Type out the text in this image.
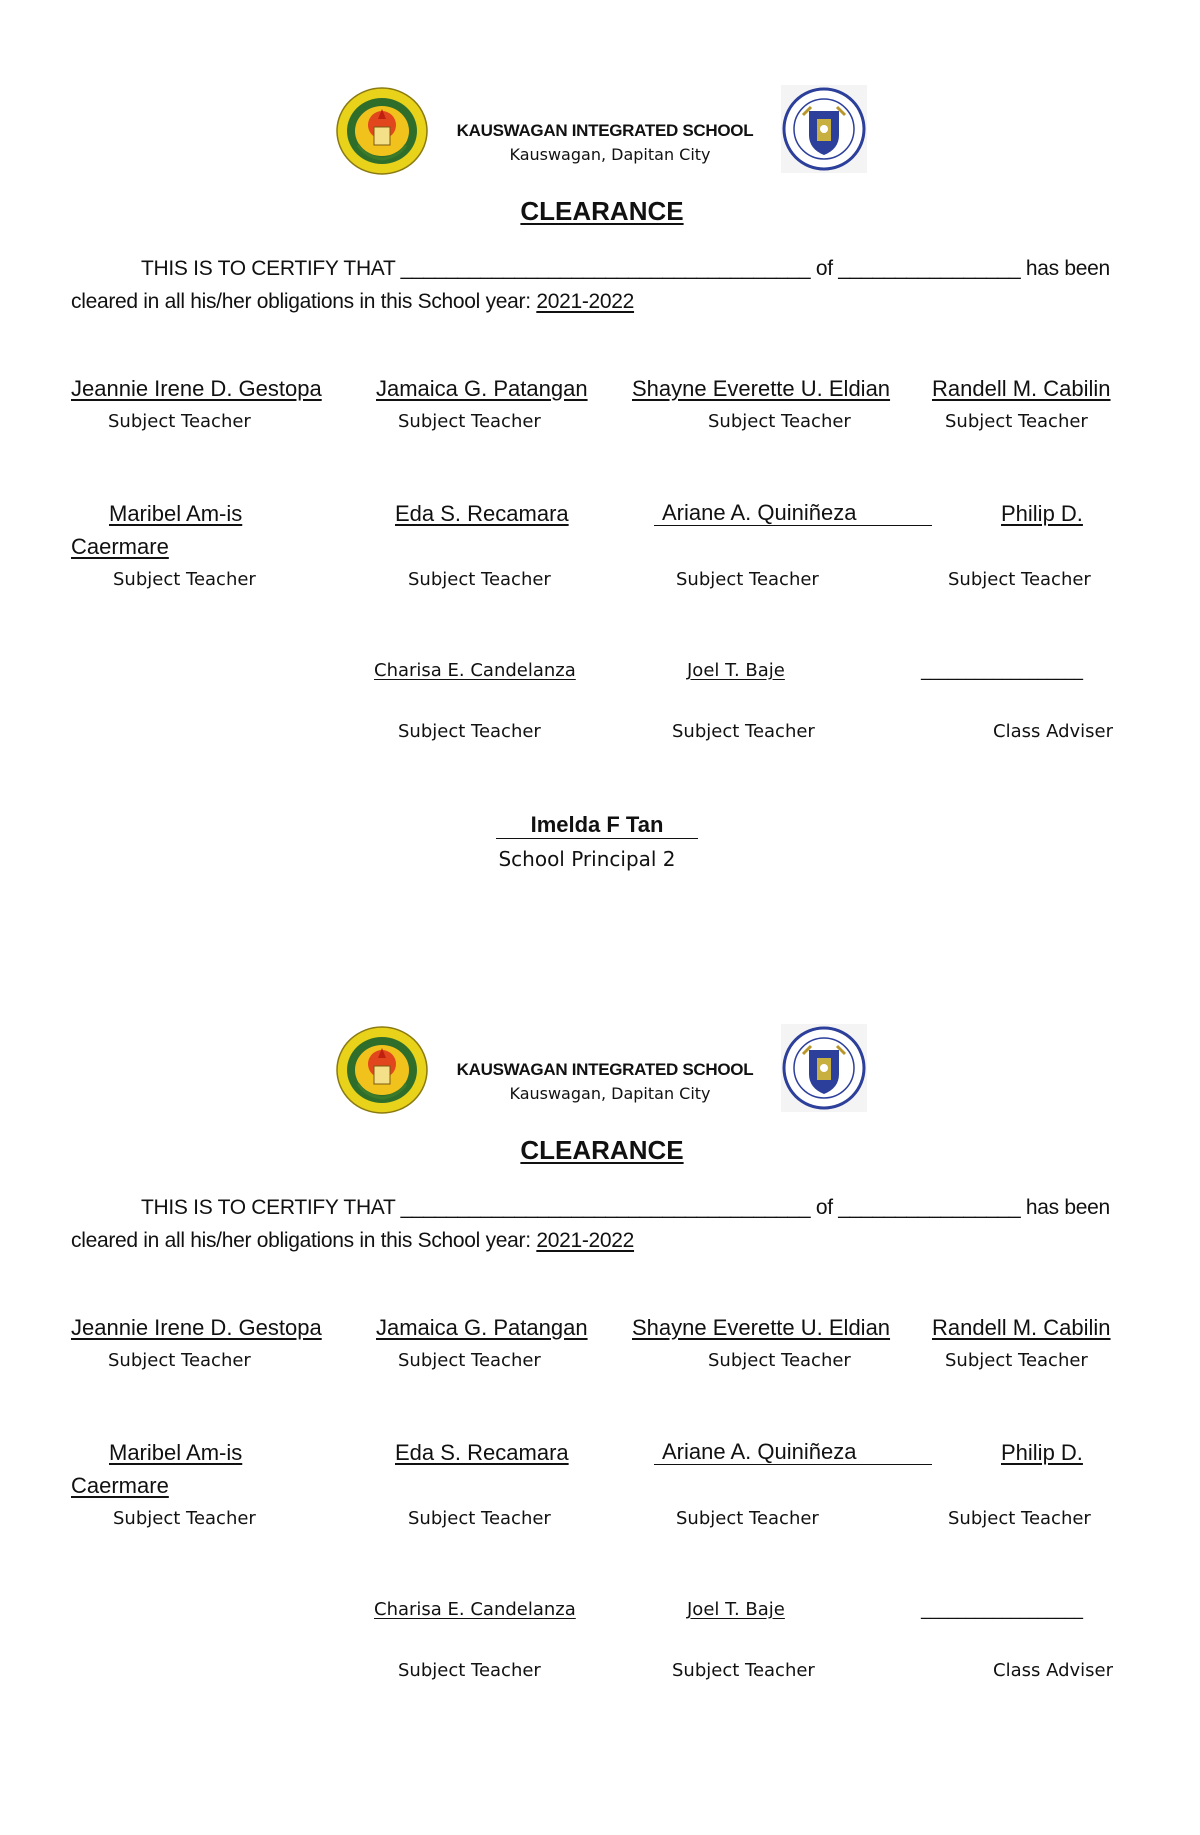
KAUSWAGAN INTEGRATED SCHOOL
Kauswagan, Dapitan City
CLEARANCE
THIS IS TO CERTIFY THAT ____________________________________ of ________________ has been
cleared in all his/her obligations in this School year: 2021-2022
Jeannie Irene D. Gestopa
Subject Teacher
Jamaica G. Patangan
Subject Teacher
Shayne Everette U. Eldian
Subject Teacher
Randell M. Cabilin
Subject Teacher
Maribel Am-is
Caermare
Subject Teacher
Eda S. Recamara
Subject Teacher
Ariane A. Quiniñeza
Subject Teacher
Philip D.
Subject Teacher
Charisa E. Candelanza
Subject Teacher
Joel T. Baje
Subject Teacher
__________________
Class Adviser
Imelda F Tan
School Principal 2
KAUSWAGAN INTEGRATED SCHOOL
Kauswagan, Dapitan City
CLEARANCE
THIS IS TO CERTIFY THAT ____________________________________ of ________________ has been
cleared in all his/her obligations in this School year: 2021-2022
Jeannie Irene D. Gestopa
Subject Teacher
Jamaica G. Patangan
Subject Teacher
Shayne Everette U. Eldian
Subject Teacher
Randell M. Cabilin
Subject Teacher
Maribel Am-is
Caermare
Subject Teacher
Eda S. Recamara
Subject Teacher
Ariane A. Quiniñeza
Subject Teacher
Philip D.
Subject Teacher
Charisa E. Candelanza
Subject Teacher
Joel T. Baje
Subject Teacher
__________________
Class Adviser
